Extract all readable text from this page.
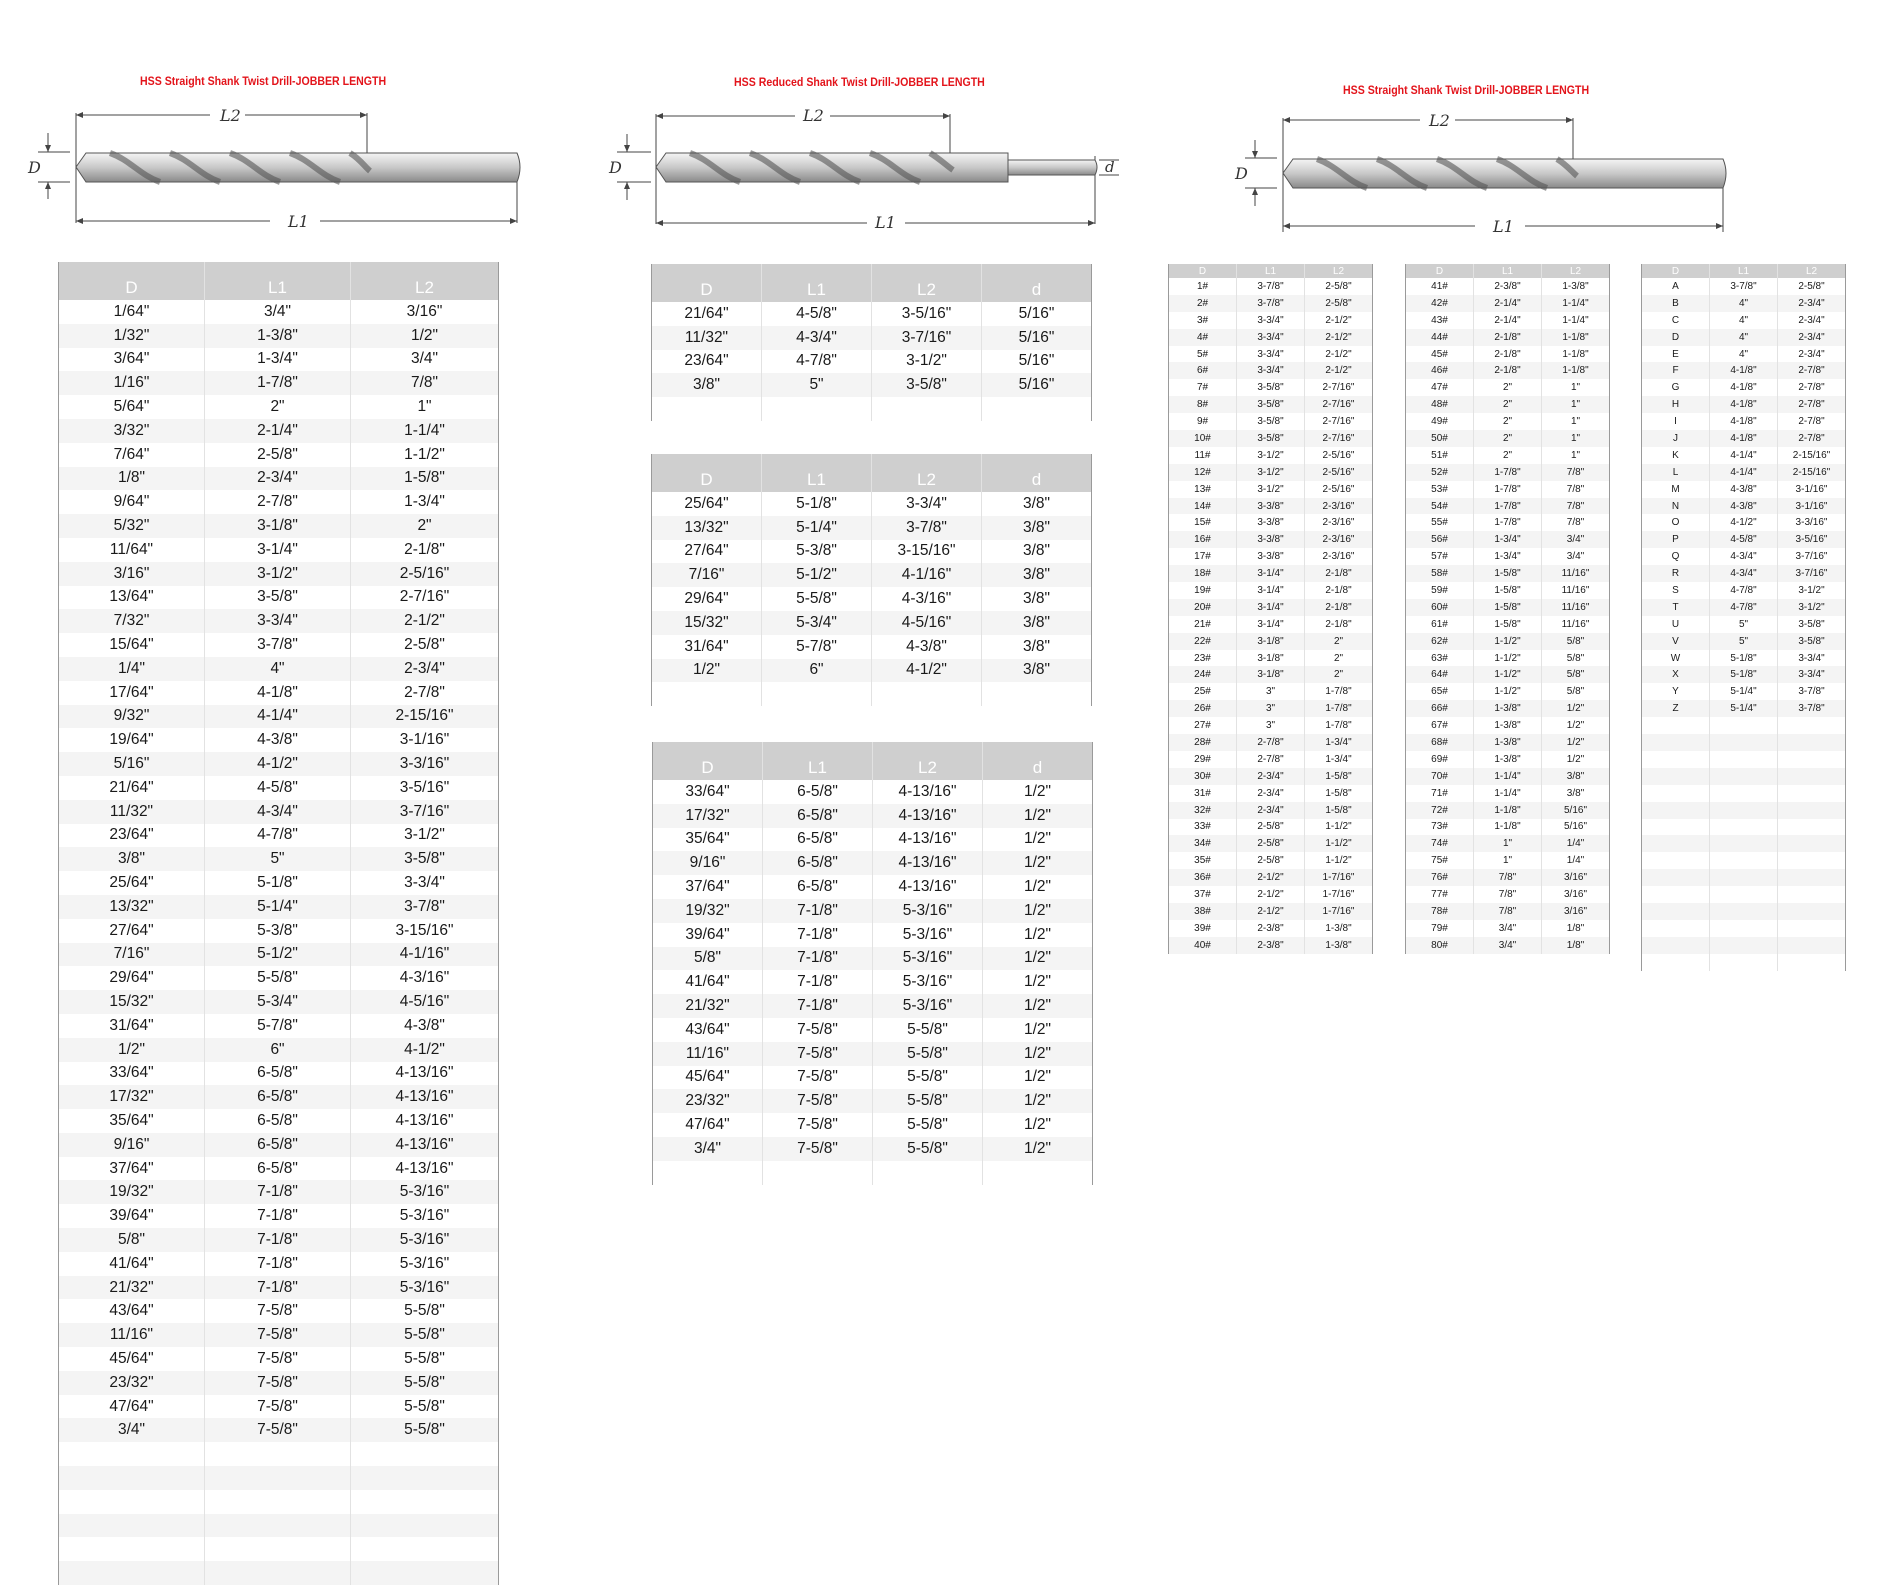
HSS Straight Shank Twist Drill-JOBBER LENGTH	HSS Reduced Shank Twist Drill-JOBBER LENGTH
HSS Straight Shank Twist Drill-JOBBER LENGTH
L2
L1
D
L2
L1
D	d
L2
L1
D
D	L1	L2
1/64"	3/4"	3/16"
1/32"	1-3/8"	1/2"
3/64"	1-3/4"	3/4"
1/16"	1-7/8"	7/8"
5/64"	2"	1"
3/32"	2-1/4"	1-1/4"
7/64"	2-5/8"	1-1/2"
1/8"	2-3/4"	1-5/8"
9/64"	2-7/8"	1-3/4"
5/32"	3-1/8"	2"
11/64"	3-1/4"	2-1/8"
3/16"	3-1/2"	2-5/16"
13/64"	3-5/8"	2-7/16"
7/32"	3-3/4"	2-1/2"
15/64"	3-7/8"	2-5/8"
1/4"	4"	2-3/4"
17/64"	4-1/8"	2-7/8"
9/32"	4-1/4"	2-15/16"
19/64"	4-3/8"	3-1/16"
5/16"	4-1/2"	3-3/16"
21/64"	4-5/8"	3-5/16"
11/32"	4-3/4"	3-7/16"
23/64"	4-7/8"	3-1/2"
3/8"	5"	3-5/8"
25/64"	5-1/8"	3-3/4"
13/32"	5-1/4"	3-7/8"
27/64"	5-3/8"	3-15/16"
7/16"	5-1/2"	4-1/16"
29/64"	5-5/8"	4-3/16"
15/32"	5-3/4"	4-5/16"
31/64"	5-7/8"	4-3/8"
1/2"	6"	4-1/2"
33/64"	6-5/8"	4-13/16"
17/32"	6-5/8"	4-13/16"
35/64"	6-5/8"	4-13/16"
9/16"	6-5/8"	4-13/16"
37/64"	6-5/8"	4-13/16"
19/32"	7-1/8"	5-3/16"
39/64"	7-1/8"	5-3/16"
5/8"	7-1/8"	5-3/16"
41/64"	7-1/8"	5-3/16"
21/32"	7-1/8"	5-3/16"
43/64"	7-5/8"	5-5/8"
11/16"	7-5/8"	5-5/8"
45/64"	7-5/8"	5-5/8"
23/32"	7-5/8"	5-5/8"
47/64"	7-5/8"	5-5/8"
3/4"	7-5/8"	5-5/8"

D	L1	L2	d
21/64"	4-5/8"	3-5/16"	5/16"
11/32"	4-3/4"	3-7/16"	5/16"
23/64"	4-7/8"	3-1/2"	5/16"
3/8"	5"	3-5/8"	5/16"

D	L1	L2	d
25/64"	5-1/8"	3-3/4"	3/8"
13/32"	5-1/4"	3-7/8"	3/8"
27/64"	5-3/8"	3-15/16"	3/8"
7/16"	5-1/2"	4-1/16"	3/8"
29/64"	5-5/8"	4-3/16"	3/8"
15/32"	5-3/4"	4-5/16"	3/8"
31/64"	5-7/8"	4-3/8"	3/8"
1/2"	6"	4-1/2"	3/8"

D	L1	L2	d
33/64"	6-5/8"	4-13/16"	1/2"
17/32"	6-5/8"	4-13/16"	1/2"
35/64"	6-5/8"	4-13/16"	1/2"
9/16"	6-5/8"	4-13/16"	1/2"
37/64"	6-5/8"	4-13/16"	1/2"
19/32"	7-1/8"	5-3/16"	1/2"
39/64"	7-1/8"	5-3/16"	1/2"
5/8"	7-1/8"	5-3/16"	1/2"
41/64"	7-1/8"	5-3/16"	1/2"
21/32"	7-1/8"	5-3/16"	1/2"
43/64"	7-5/8"	5-5/8"	1/2"
11/16"	7-5/8"	5-5/8"	1/2"
45/64"	7-5/8"	5-5/8"	1/2"
23/32"	7-5/8"	5-5/8"	1/2"
47/64"	7-5/8"	5-5/8"	1/2"
3/4"	7-5/8"	5-5/8"	1/2"

D	L1	L2
1#	3-7/8"	2-5/8"
2#	3-7/8"	2-5/8"
3#	3-3/4"	2-1/2"
4#	3-3/4"	2-1/2"
5#	3-3/4"	2-1/2"
6#	3-3/4"	2-1/2"
7#	3-5/8"	2-7/16"
8#	3-5/8"	2-7/16"
9#	3-5/8"	2-7/16"
10#	3-5/8"	2-7/16"
11#	3-1/2"	2-5/16"
12#	3-1/2"	2-5/16"
13#	3-1/2"	2-5/16"
14#	3-3/8"	2-3/16"
15#	3-3/8"	2-3/16"
16#	3-3/8"	2-3/16"
17#	3-3/8"	2-3/16"
18#	3-1/4"	2-1/8"
19#	3-1/4"	2-1/8"
20#	3-1/4"	2-1/8"
21#	3-1/4"	2-1/8"
22#	3-1/8"	2"
23#	3-1/8"	2"
24#	3-1/8"	2"
25#	3"	1-7/8"
26#	3"	1-7/8"
27#	3"	1-7/8"
28#	2-7/8"	1-3/4"
29#	2-7/8"	1-3/4"
30#	2-3/4"	1-5/8"
31#	2-3/4"	1-5/8"
32#	2-3/4"	1-5/8"
33#	2-5/8"	1-1/2"
34#	2-5/8"	1-1/2"
35#	2-5/8"	1-1/2"
36#	2-1/2"	1-7/16"
37#	2-1/2"	1-7/16"
38#	2-1/2"	1-7/16"
39#	2-3/8"	1-3/8"
40#	2-3/8"	1-3/8"
D	L1	L2
41#	2-3/8"	1-3/8"
42#	2-1/4"	1-1/4"
43#	2-1/4"	1-1/4"
44#	2-1/8"	1-1/8"
45#	2-1/8"	1-1/8"
46#	2-1/8"	1-1/8"
47#	2"	1"
48#	2"	1"
49#	2"	1"
50#	2"	1"
51#	2"	1"
52#	1-7/8"	7/8"
53#	1-7/8"	7/8"
54#	1-7/8"	7/8"
55#	1-7/8"	7/8"
56#	1-3/4"	3/4"
57#	1-3/4"	3/4"
58#	1-5/8"	11/16"
59#	1-5/8"	11/16"
60#	1-5/8"	11/16"
61#	1-5/8"	11/16"
62#	1-1/2"	5/8"
63#	1-1/2"	5/8"
64#	1-1/2"	5/8"
65#	1-1/2"	5/8"
66#	1-3/8"	1/2"
67#	1-3/8"	1/2"
68#	1-3/8"	1/2"
69#	1-3/8"	1/2"
70#	1-1/4"	3/8"
71#	1-1/4"	3/8"
72#	1-1/8"	5/16"
73#	1-1/8"	5/16"
74#	1"	1/4"
75#	1"	1/4"
76#	7/8"	3/16"
77#	7/8"	3/16"
78#	7/8"	3/16"
79#	3/4"	1/8"
80#	3/4"	1/8"
D	L1	L2
A	3-7/8"	2-5/8"
B	4"	2-3/4"
C	4"	2-3/4"
D	4"	2-3/4"
E	4"	2-3/4"
F	4-1/8"	2-7/8"
G	4-1/8"	2-7/8"
H	4-1/8"	2-7/8"
I	4-1/8"	2-7/8"
J	4-1/8"	2-7/8"
K	4-1/4"	2-15/16"
L	4-1/4"	2-15/16"
M	4-3/8"	3-1/16"
N	4-3/8"	3-1/16"
O	4-1/2"	3-3/16"
P	4-5/8"	3-5/16"
Q	4-3/4"	3-7/16"
R	4-3/4"	3-7/16"
S	4-7/8"	3-1/2"
T	4-7/8"	3-1/2"
U	5"	3-5/8"
V	5"	3-5/8"
W	5-1/8"	3-3/4"
X	5-1/8"	3-3/4"
Y	5-1/4"	3-7/8"
Z	5-1/4"	3-7/8"
